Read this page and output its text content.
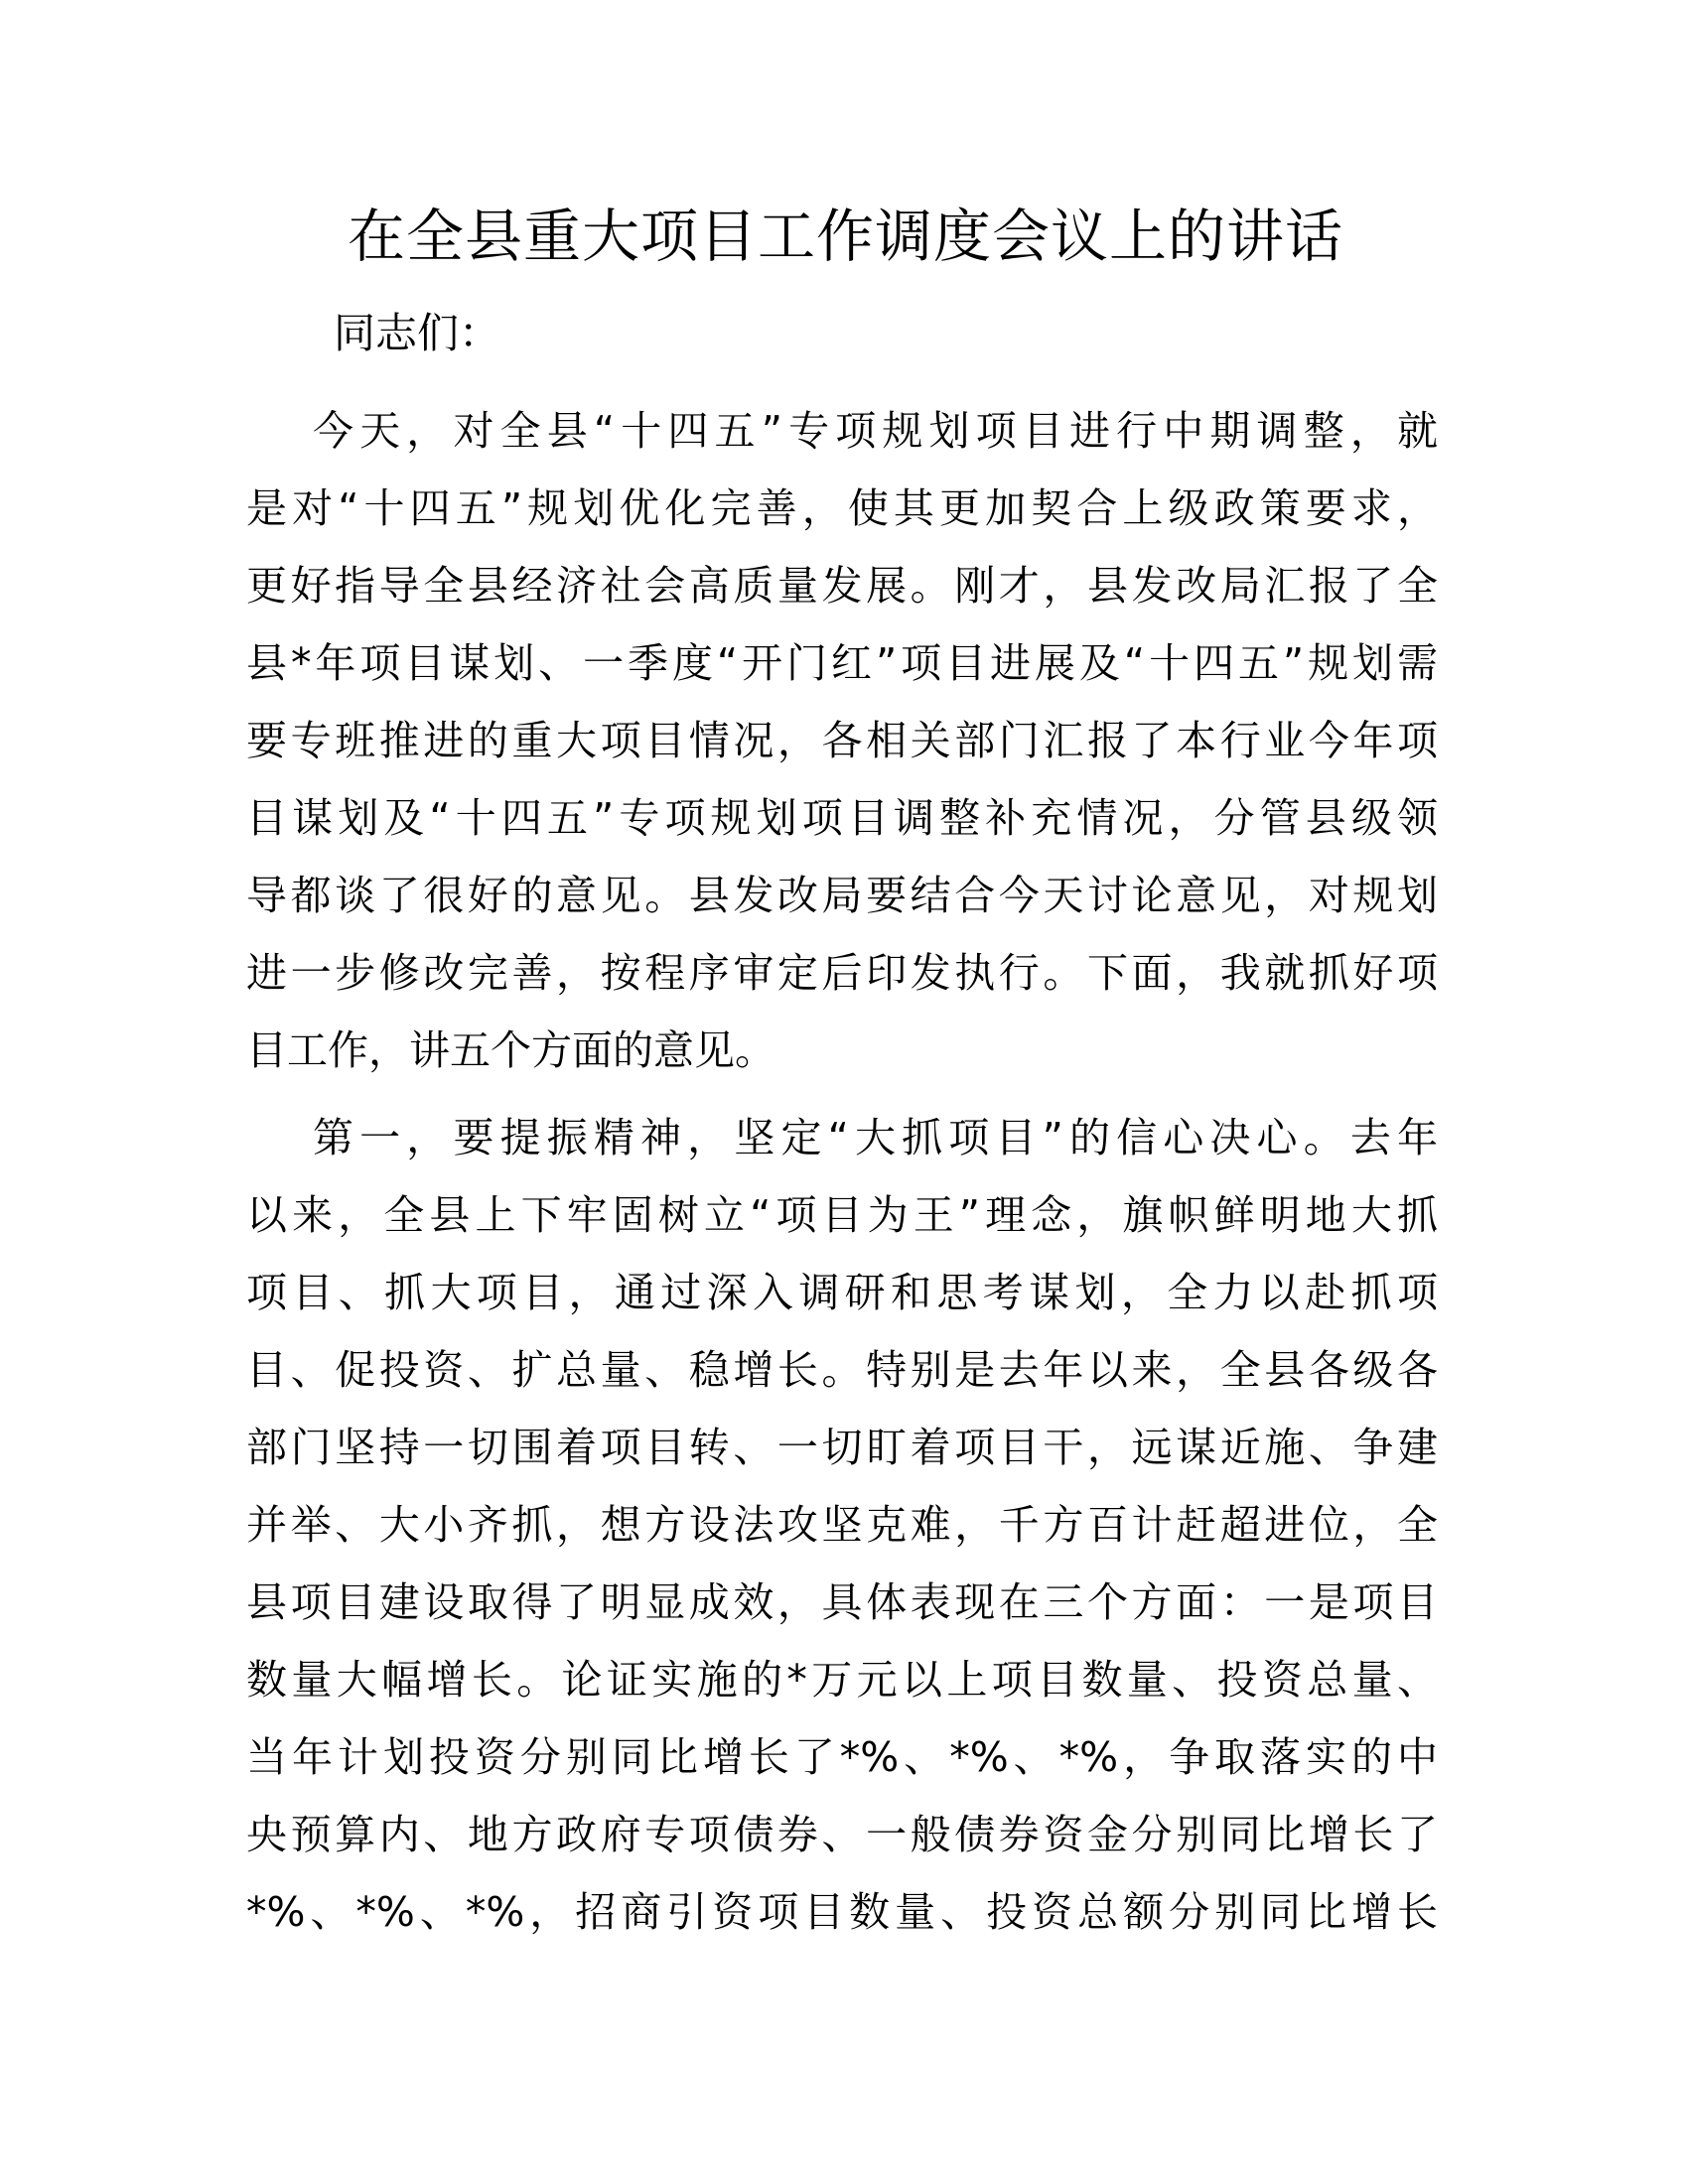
在全县重大项目工作调度会议上的讲话
同志们：
今天，对全县“十四五”专项规划项目进行中期调整，就
是对“十四五”规划优化完善，使其更加契合上级政策要求，
更好指导全县经济社会高质量发展。刚才，县发改局汇报了全
县*年项目谋划、一季度“开门红”项目进展及“十四五”规划需
要专班推进的重大项目情况，各相关部门汇报了本行业今年项
目谋划及“十四五”专项规划项目调整补充情况，分管县级领
导都谈了很好的意见。县发改局要结合今天讨论意见，对规划
进一步修改完善，按程序审定后印发执行。下面，我就抓好项
目工作，讲五个方面的意见。
第一，要提振精神，坚定“大抓项目”的信心决心。去年
以来，全县上下牢固树立“项目为王”理念，旗帜鲜明地大抓
项目、抓大项目，通过深入调研和思考谋划，全力以赴抓项
目、促投资、扩总量、稳增长。特别是去年以来，全县各级各
部门坚持一切围着项目转、一切盯着项目干，远谋近施、争建
并举、大小齐抓，想方设法攻坚克难，千方百计赶超进位，全
县项目建设取得了明显成效，具体表现在三个方面：一是项目
数量大幅增长。论证实施的*万元以上项目数量、投资总量、
当年计划投资分别同比增长了*%、*%、*%，争取落实的中
央预算内、地方政府专项债券、一般债券资金分别同比增长了
*%、*%、*%，招商引资项目数量、投资总额分别同比增长
